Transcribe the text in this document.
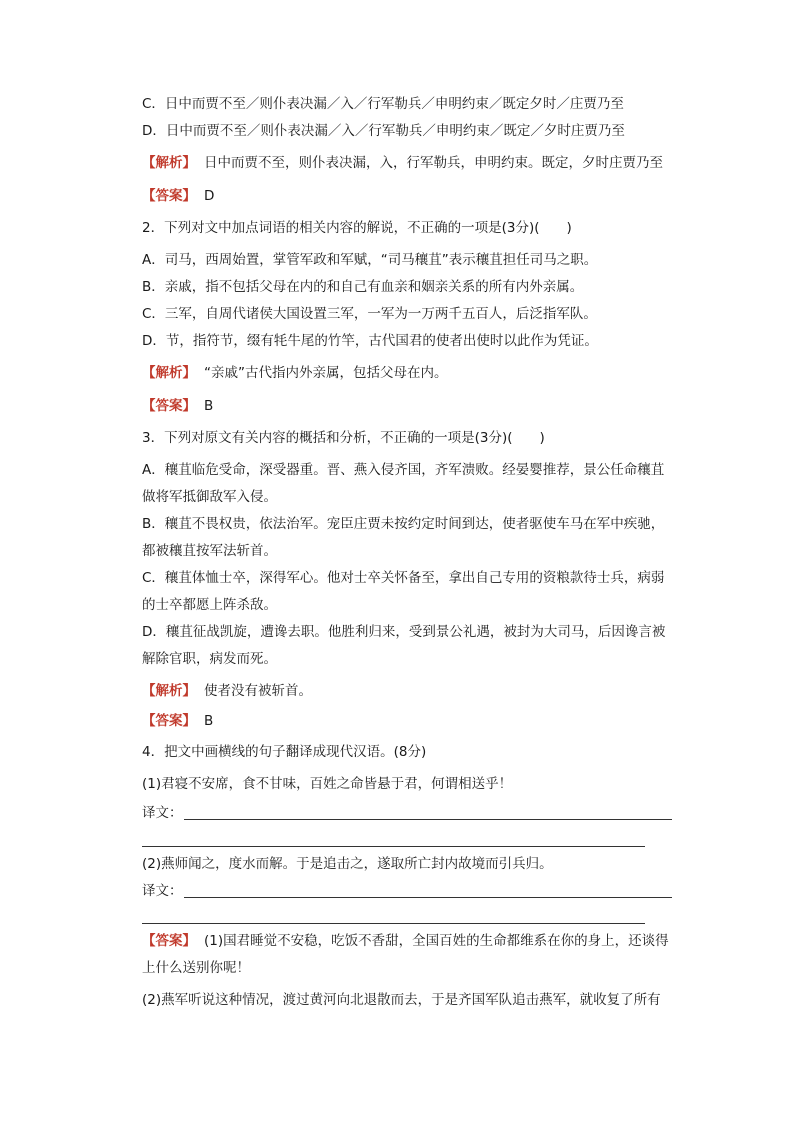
C．日中而贾不至／则仆表决漏／入／行军勒兵／申明约束／既定夕时／庄贾乃至
D．日中而贾不至／则仆表决漏／入／行军勒兵／申明约束／既定／夕时庄贾乃至
【解析】 日中而贾不至，则仆表决漏，入，行军勒兵，申明约束。既定，夕时庄贾乃至
【答案】 D
2．下列对文中加点词语的相关内容的解说，不正确的一项是(3分)(　　)
A．司马，西周始置，掌管军政和军赋，“司马穰苴”表示穰苴担任司马之职。
B．亲戚，指不包括父母在内的和自己有血亲和姻亲关系的所有内外亲属。
C．三军，自周代诸侯大国设置三军，一军为一万两千五百人，后泛指军队。
D．节，指符节，缀有牦牛尾的竹竿，古代国君的使者出使时以此作为凭证。
【解析】 “亲戚”古代指内外亲属，包括父母在内。
【答案】 B
3．下列对原文有关内容的概括和分析，不正确的一项是(3分)(　　)
A．穰苴临危受命，深受器重。晋、燕入侵齐国，齐军溃败。经晏婴推荐，景公任命穰苴
做将军抵御敌军入侵。
B．穰苴不畏权贵，依法治军。宠臣庄贾未按约定时间到达，使者驱使车马在军中疾驰，
都被穰苴按军法斩首。
C．穰苴体恤士卒，深得军心。他对士卒关怀备至，拿出自己专用的资粮款待士兵，病弱
的士卒都愿上阵杀敌。
D．穰苴征战凯旋，遭谗去职。他胜利归来，受到景公礼遇，被封为大司马，后因谗言被
解除官职，病发而死。
【解析】 使者没有被斩首。
【答案】 B
4．把文中画横线的句子翻译成现代汉语。(8分)
(1)君寝不安席，食不甘味，百姓之命皆悬于君，何谓相送乎！
译文：
(2)燕师闻之，度水而解。于是追击之，遂取所亡封内故境而引兵归。
译文：
【答案】 (1)国君睡觉不安稳，吃饭不香甜，全国百姓的生命都维系在你的身上，还谈得
上什么送别你呢！
(2)燕军听说这种情况，渡过黄河向北退散而去，于是齐国军队追击燕军，就收复了所有
